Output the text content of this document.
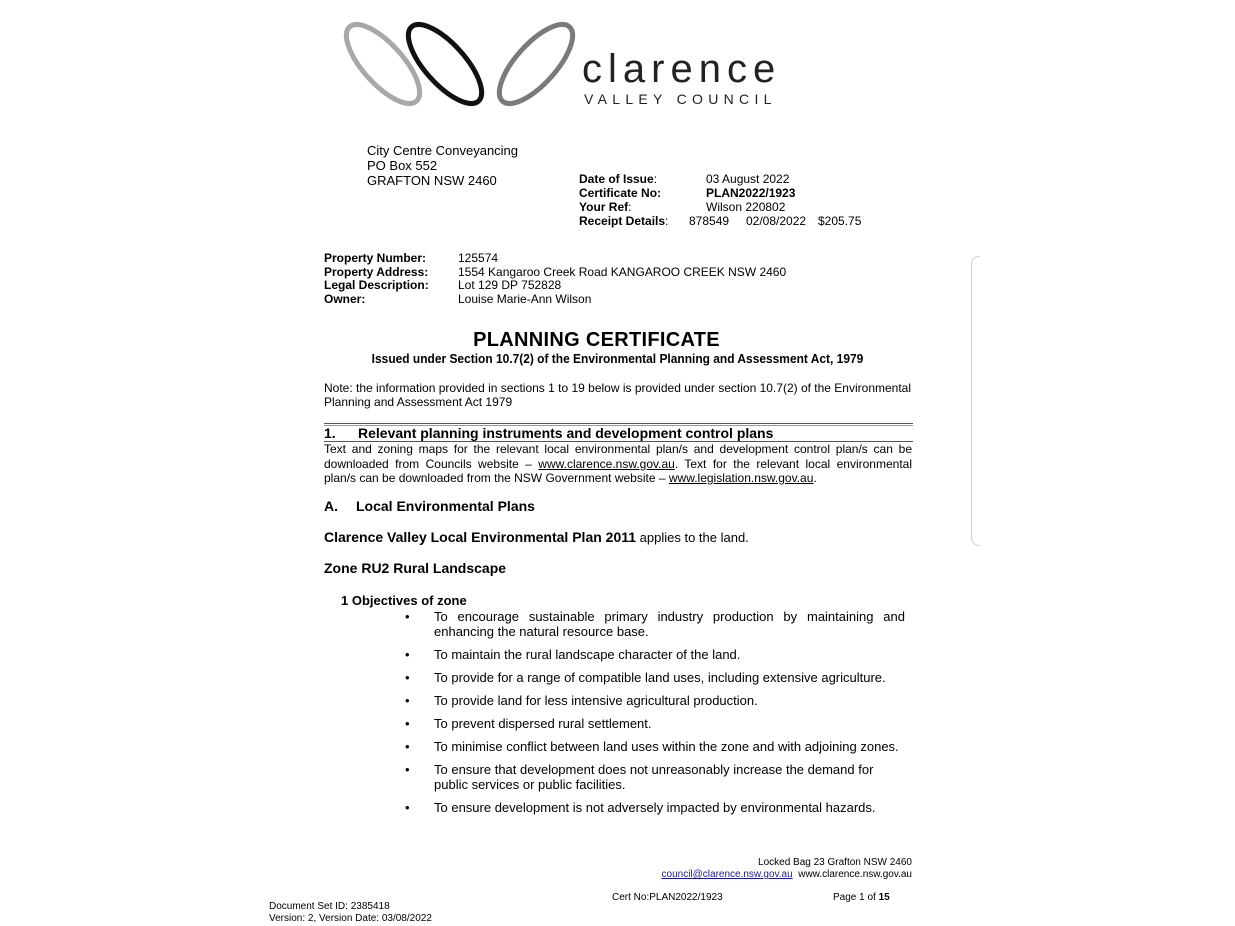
clarence
VALLEY COUNCIL
City Centre Conveyancing
PO Box 552
GRAFTON NSW 2460	Date of Issue:	03 August 2022
Certificate No:	PLAN2022/1923
Your Ref:	Wilson 220802
Receipt Details: 878549 02/08/2022 $205.75
Property Number:	125574
Property Address: 1554 Kangaroo Creek Road KANGAROO CREEK NSW 2460
Legal Description: Lot 129 DP 752828
Owner:	Louise Marie-Ann Wilson
PLANNING CERTIFICATE
Issued under Section 10.7(2) of the Environmental Planning and Assessment Act, 1979
Note: the information provided in sections 1 to 19 below is provided under section 10.7(2) of the Environmental
Planning and Assessment Act 1979
1. Relevant planning instruments and development control plans
Text and zoning maps for the relevant local environmental plan/s and development control plan/s can be downloaded from Councils website – www.clarence.nsw.gov.au. Text for the relevant local environmental plan/s can be downloaded from the NSW Government website – www.legislation.nsw.gov.au.
A. Local Environmental Plans
Clarence Valley Local Environmental Plan 2011 applies to the land.
Zone RU2 Rural Landscape
1 Objectives of zone
• To encourage sustainable primary industry production by maintaining and enhancing the natural resource base.
• To maintain the rural landscape character of the land.
• To provide for a range of compatible land uses, including extensive agriculture.
• To provide land for less intensive agricultural production.
• To prevent dispersed rural settlement.
• To minimise conflict between land uses within the zone and with adjoining zones.
• To ensure that development does not unreasonably increase the demand for public services or public facilities.
• To ensure development is not adversely impacted by environmental hazards.
Locked Bag 23 Grafton NSW 2460
council@clarence.nsw.gov.au www.clarence.nsw.gov.au
Cert No:PLAN2022/1923	Page 1 of 15
Document Set ID: 2385418
Version: 2, Version Date: 03/08/2022
